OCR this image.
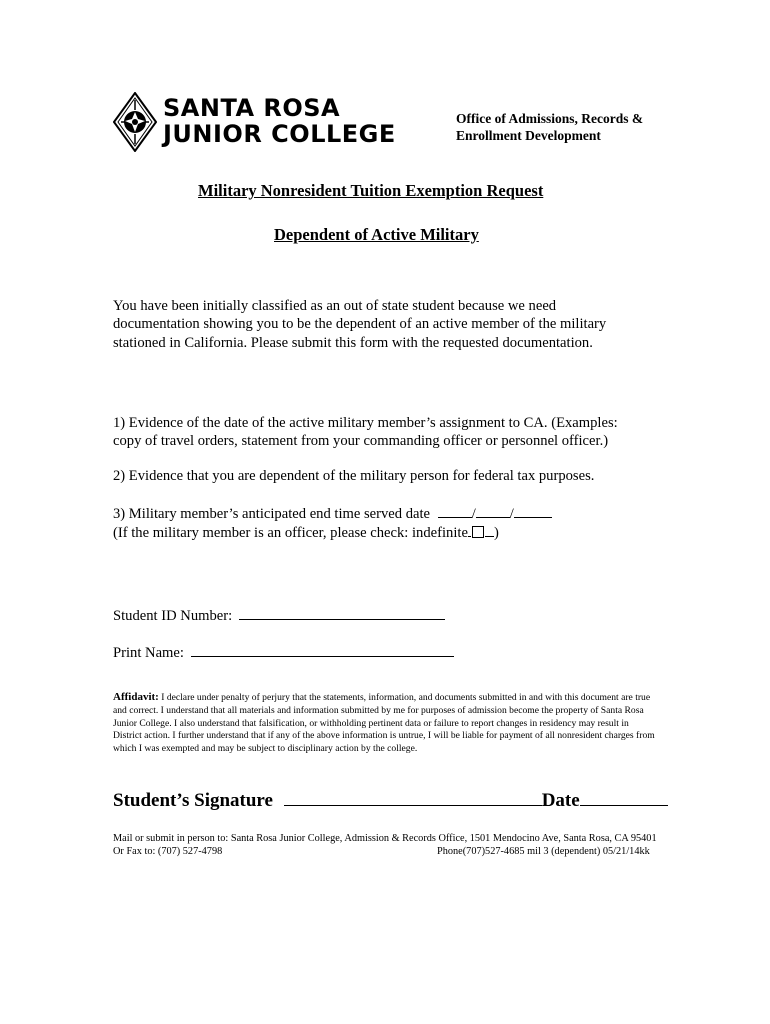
SANTA ROSA
JUNIOR COLLEGE
Office of Admissions, Records &
Enrollment Development
Military Nonresident Tuition Exemption Request
Dependent of Active Military
You have been initially classified as an out of state student because we need
documentation showing you to be the dependent of an active member of the military
stationed in California. Please submit this form with the requested documentation.
1) Evidence of the date of the active military member’s assignment to CA. (Examples:
copy of travel orders, statement from your commanding officer or personnel officer.)
2) Evidence that you are dependent of the military person for federal tax purposes.
3) Military member’s anticipated end time served date	/ /
(If the military member is an officer, please check: indefinite )
Student ID Number:
Print Name:
Affidavit: I declare under penalty of perjury that the statements, information, and documents submitted in and with this document are true and correct. I understand that all materials and information submitted by me for purposes of admission become the property of Santa Rosa Junior College. I also understand that falsification, or withholding pertinent data or failure to report changes in residency may result in District action. I further understand that if any of the above information is untrue, I will be liable for payment of all nonresident charges from which I was exempted and may be subject to disciplinary action by the college.
Student’s Signature	Date
Mail or submit in person to: Santa Rosa Junior College, Admission & Records Office, 1501 Mendocino Ave, Santa Rosa, CA 95401
Or Fax to: (707) 527-4798	Phone(707)527-4685 mil 3 (dependent) 05/21/14kk
